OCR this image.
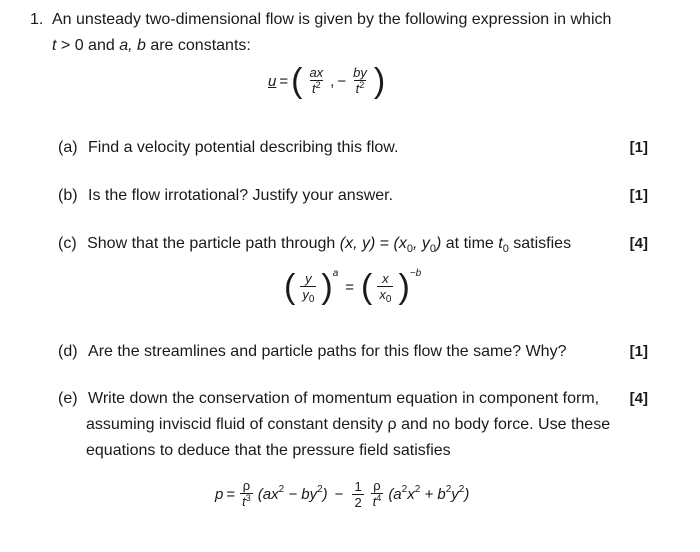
1. An unsteady two-dimensional flow is given by the following expression in which
t > 0 and a, b are constants:
u = ( $\frac{ax}{t^2}$ , − $\frac{by}{t^2}$ )
(a) Find a velocity potential describing this flow.	[1]
(b) Is the flow irrotational? Justify your answer.	[1]
(c) Show that the particle path through (x, $y) = (x_0$, $y_0$) at time $t_0$ satisfies	[4]
( $\frac{y}{y_0}$ ) a
= ( $\frac{x}{x_0}$ ) −b
(d) Are the streamlines and particle paths for this flow the same? Why?	[1]
(e) Write down the conservation of momentum equation in component form, [4]
assuming inviscid fluid of constant density ρ and no body force. Use these
equations to deduce that the pressure field satisfies
$p = \frac{\rho}{t^3} (ax^2 - by^2) - \frac{1}{2} \frac{\rho}{t^4} (a^2x^2 + b^2y^2)$
